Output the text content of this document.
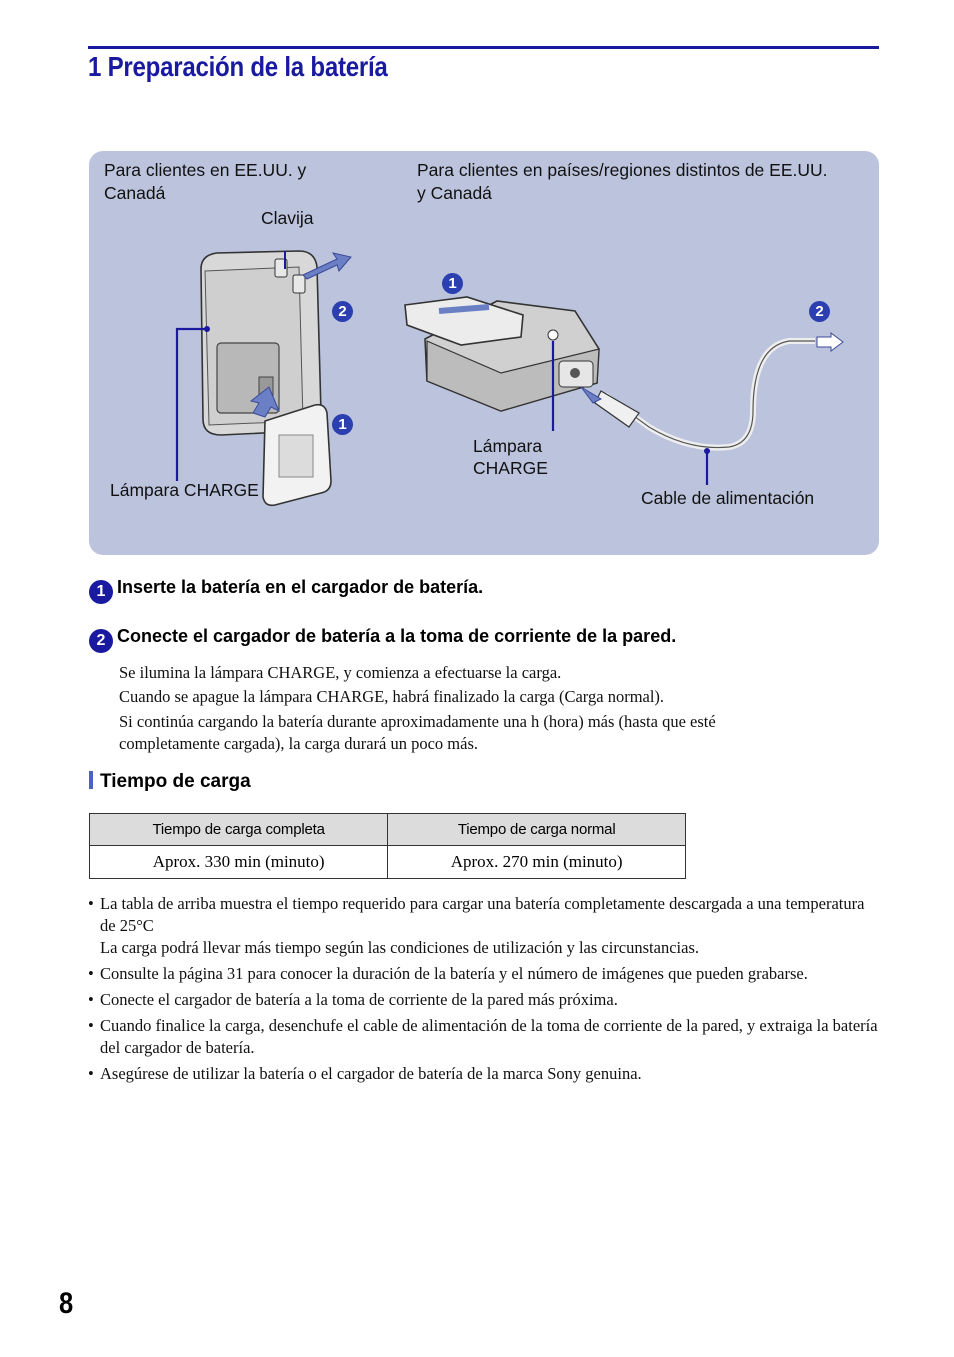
1 Preparación de la batería
Para clientes en EE.UU. y Canadá
Para clientes en países/regiones distintos de EE.UU. y Canadá
Clavija
Lámpara CHARGE
Lámpara
CHARGE
Cable de alimentación
2
1
1
2
1 Inserte la batería en el cargador de batería.
2 Conecte el cargador de batería a la toma de corriente de la pared.

Se ilumina la lámpara CHARGE, y comienza a efectuarse la carga.

Cuando se apague la lámpara CHARGE, habrá finalizado la carga (Carga normal).

Si continúa cargando la batería durante aproximadamente una h (hora) más (hasta que esté completamente cargada), la carga durará un poco más.

Tiempo de carga
Tiempo de carga completa	Tiempo de carga normal
Aprox. 330 min (minuto)	Aprox. 270 min (minuto)
• La tabla de arriba muestra el tiempo requerido para cargar una batería completamente descargada a una temperatura de 25°C
La carga podrá llevar más tiempo según las condiciones de utilización y las circunstancias.
• Consulte la página 31 para conocer la duración de la batería y el número de imágenes que pueden grabarse.
• Conecte el cargador de batería a la toma de corriente de la pared más próxima.
• Cuando finalice la carga, desenchufe el cable de alimentación de la toma de corriente de la pared, y extraiga la batería del cargador de batería.
• Asegúrese de utilizar la batería o el cargador de batería de la marca Sony genuina.
8
